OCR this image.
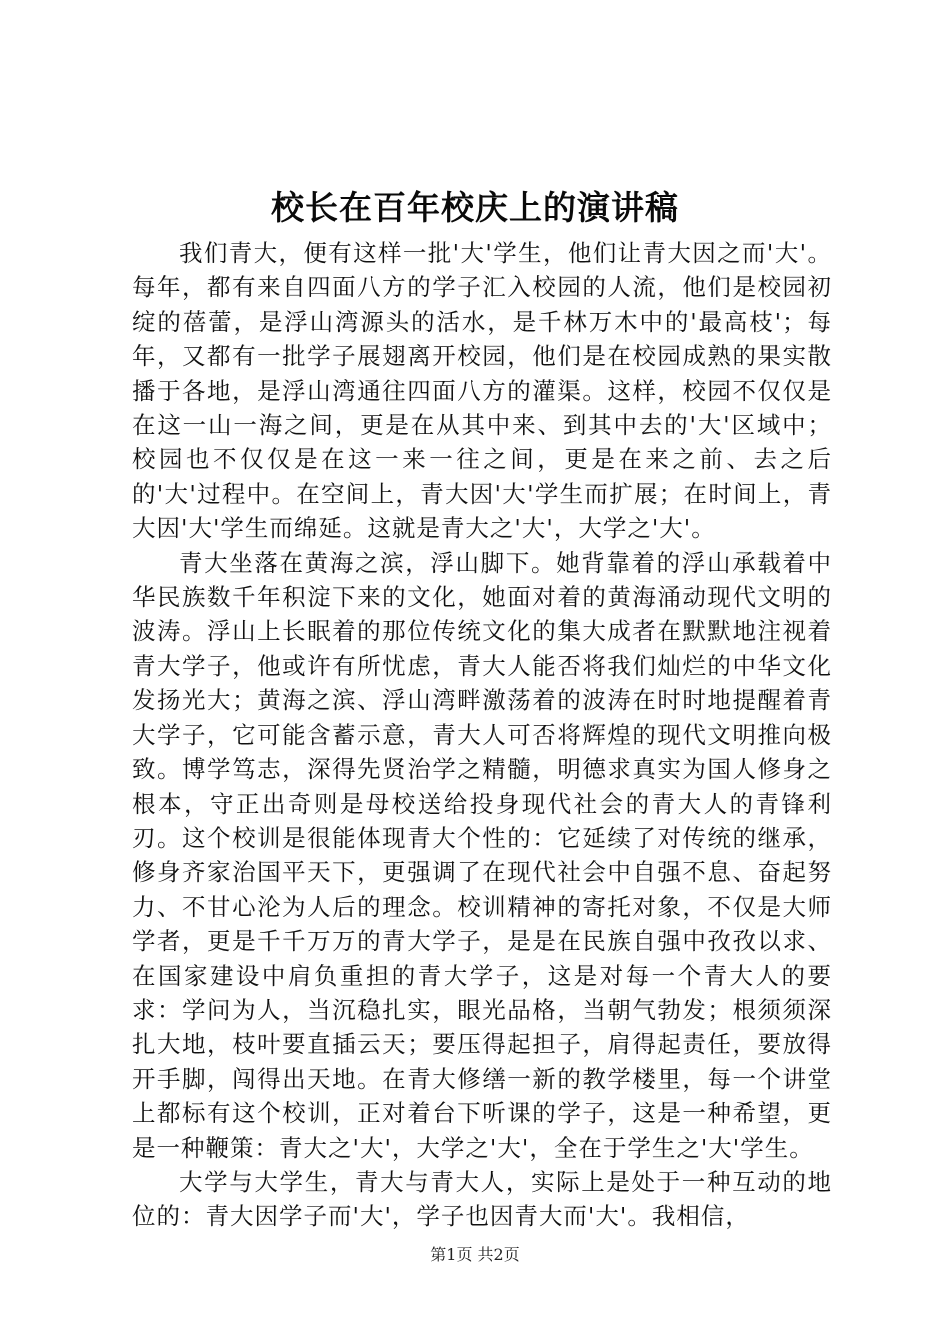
校长在百年校庆上的演讲稿

我们青大，便有这样一批'大'学生，他们让青大因之而'大'。每年，都有来自四面八方的学子汇入校园的人流，他们是校园初绽的蓓蕾，是浮山湾源头的活水，是千林万木中的'最高枝'；每年，又都有一批学子展翅离开校园，他们是在校园成熟的果实散播于各地，是浮山湾通往四面八方的灌渠。这样，校园不仅仅是在这一山一海之间，更是在从其中来、到其中去的'大'区域中；校园也不仅仅是在这一来一往之间，更是在来之前、去之后的'大'过程中。在空间上，青大因'大'学生而扩展；在时间上，青大因'大'学生而绵延。这就是青大之'大'，大学之'大'。

青大坐落在黄海之滨，浮山脚下。她背靠着的浮山承载着中华民族数千年积淀下来的文化，她面对着的黄海涌动现代文明的波涛。浮山上长眠着的那位传统文化的集大成者在默默地注视着青大学子，他或许有所忧虑，青大人能否将我们灿烂的中华文化发扬光大；黄海之滨、浮山湾畔激荡着的波涛在时时地提醒着青大学子，它可能含蓄示意，青大人可否将辉煌的现代文明推向极致。博学笃志，深得先贤治学之精髓，明德求真实为国人修身之根本，守正出奇则是母校送给投身现代社会的青大人的青锋利刃。这个校训是很能体现青大个性的：它延续了对传统的继承，修身齐家治国平天下，更强调了在现代社会中自强不息、奋起努力、不甘心沦为人后的理念。校训精神的寄托对象，不仅是大师学者，更是千千万万的青大学子，是是在民族自强中孜孜以求、在国家建设中肩负重担的青大学子，这是对每一个青大人的要求：学问为人，当沉稳扎实，眼光品格，当朝气勃发；根须须深扎大地，枝叶要直插云天；要压得起担子，肩得起责任，要放得开手脚，闯得出天地。在青大修缮一新的教学楼里，每一个讲堂上都标有这个校训，正对着台下听课的学子，这是一种希望，更是一种鞭策：青大之'大'，大学之'大'，全在于学生之'大'学生。

大学与大学生，青大与青大人，实际上是处于一种互动的地位的：青大因学子而'大'，学子也因青大而'大'。我相信，

第1页 共2页
